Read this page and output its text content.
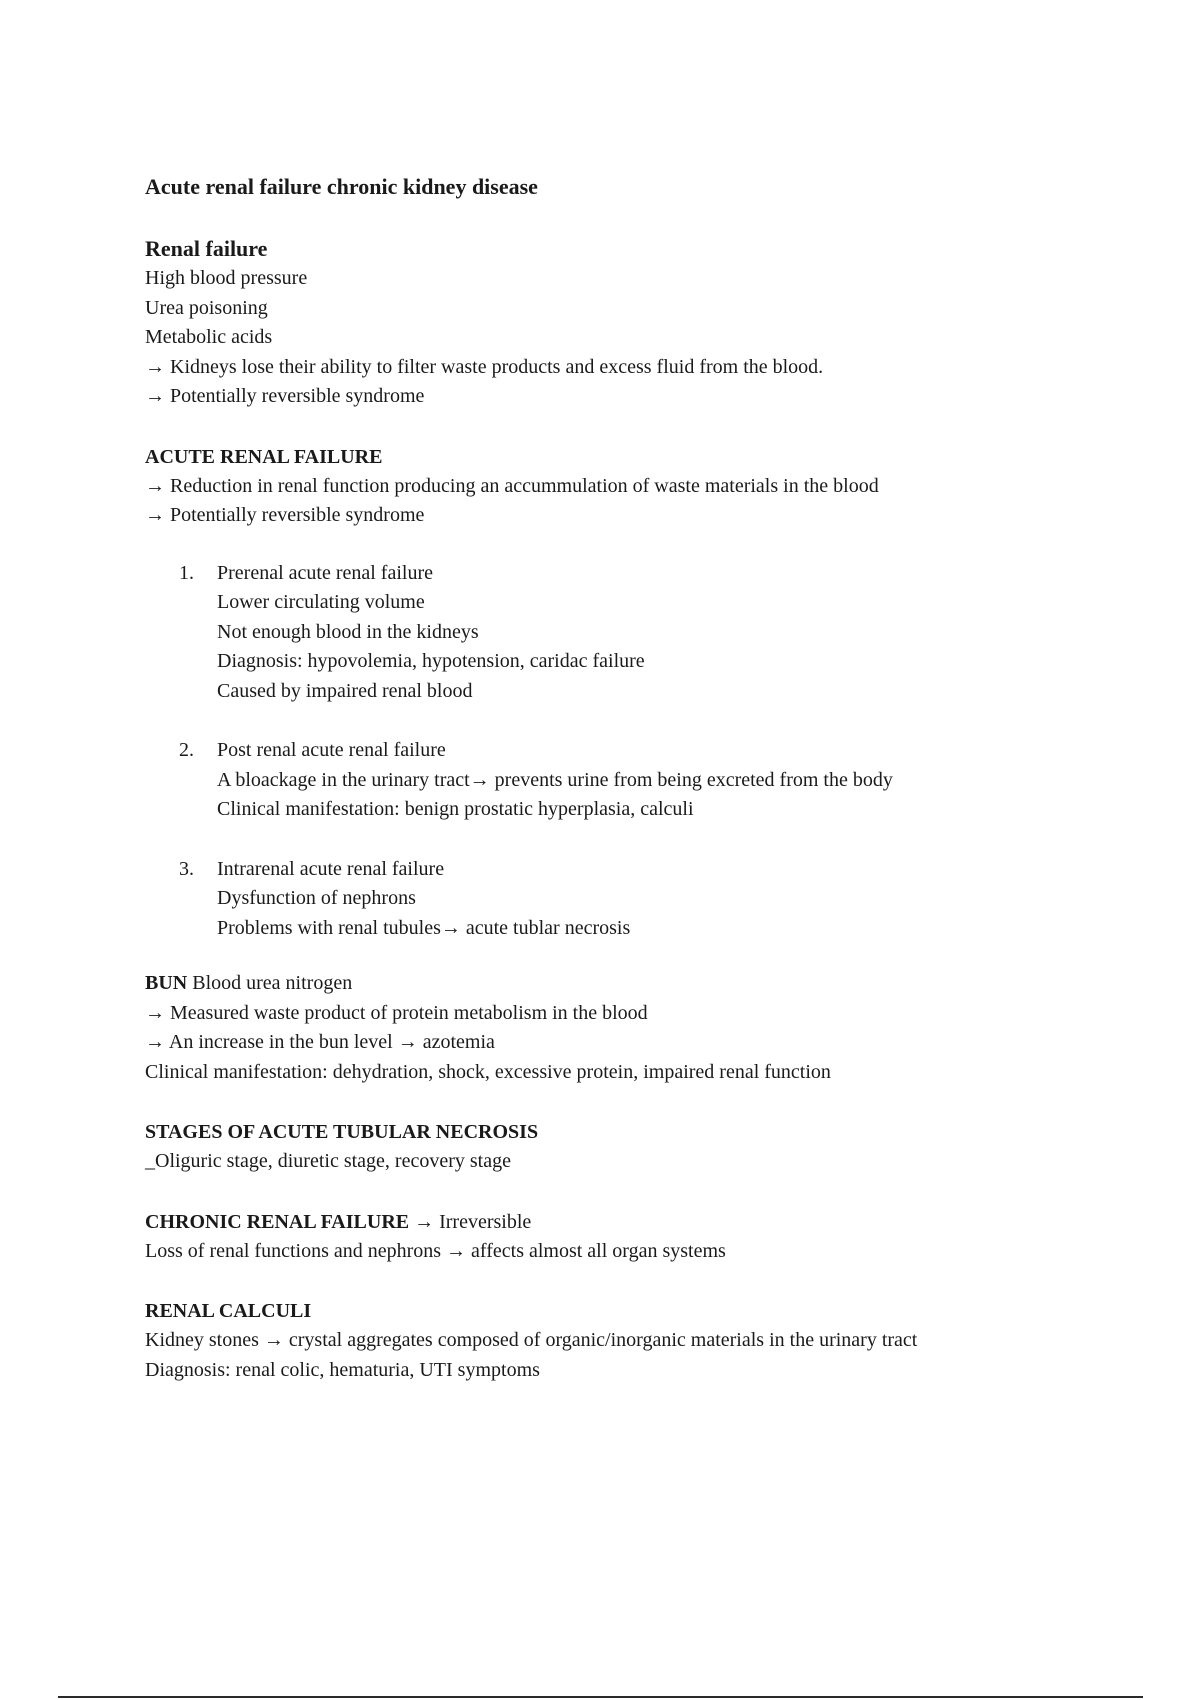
Acute renal failure chronic kidney disease
Renal failure

High blood pressure

Urea poisoning

Metabolic acids

→ Kidneys lose their ability to filter waste products and excess fluid from the blood.

→ Potentially reversible syndrome

ACUTE RENAL FAILURE

→ Reduction in renal function producing an accummulation of waste materials in the blood

→ Potentially reversible syndrome

1. Prerenal acute renal failure

Lower circulating volume

Not enough blood in the kidneys

Diagnosis: hypovolemia, hypotension, caridac failure

Caused by impaired renal blood

2. Post renal acute renal failure

A bloackage in the urinary tract→ prevents urine from being excreted from the body

Clinical manifestation: benign prostatic hyperplasia, calculi

3. Intrarenal acute renal failure

Dysfunction of nephrons

Problems with renal tubules→ acute tublar necrosis

BUN Blood urea nitrogen

→ Measured waste product of protein metabolism in the blood

→ An increase in the bun level → azotemia

Clinical manifestation: dehydration, shock, excessive protein, impaired renal function

STAGES OF ACUTE TUBULAR NECROSIS

_Oliguric stage, diuretic stage, recovery stage

CHRONIC RENAL FAILURE → Irreversible

Loss of renal functions and nephrons → affects almost all organ systems

RENAL CALCULI

Kidney stones → crystal aggregates composed of organic/inorganic materials in the urinary tract

Diagnosis: renal colic, hematuria, UTI symptoms
